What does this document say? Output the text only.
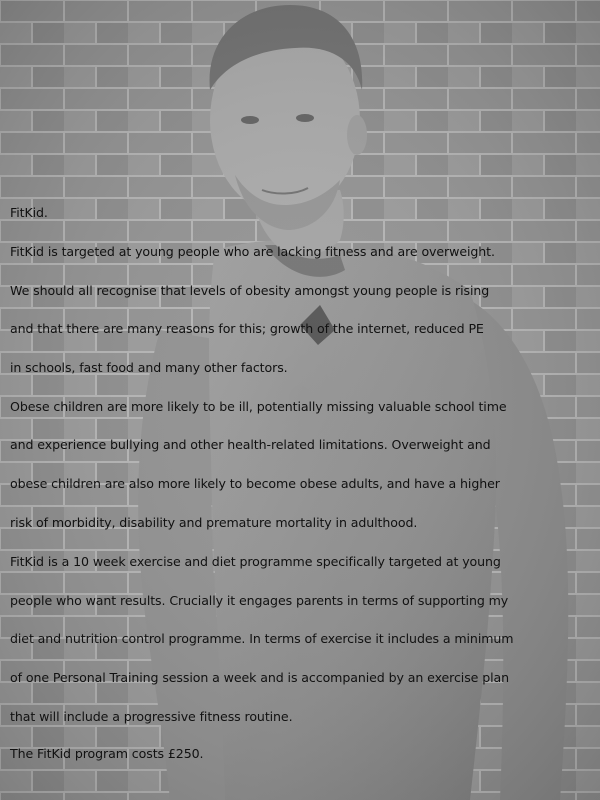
FitKid.
FitKid is targeted at young people who are lacking fitness and are overweight.
We should all recognise that levels of obesity amongst young people is rising
and that there are many reasons for this; growth of the internet, reduced PE
in schools, fast food and many other factors.
Obese children are more likely to be ill, potentially missing valuable school time
and experience bullying and other health-related limitations. Overweight and
obese children are also more likely to become obese adults, and have a higher
risk of morbidity, disability and premature mortality in adulthood.
FitKid is a 10 week exercise and diet programme specifically targeted at young
people who want results. Crucially it engages parents in terms of supporting my
diet and nutrition control programme. In terms of exercise it includes a minimum
of one Personal Training session a week and is accompanied by an exercise plan
that will include a progressive fitness routine.
The FitKid program costs £250.
